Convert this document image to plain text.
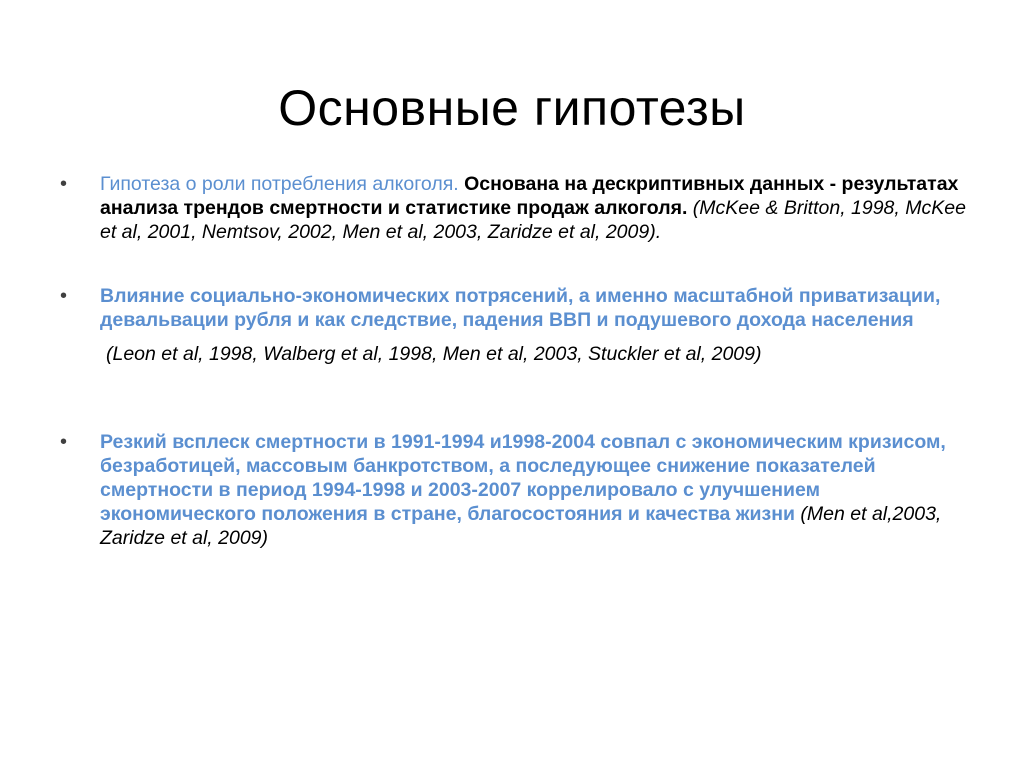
Основные гипотезы
•	Гипотеза о роли потребления алкоголя. Основана на дескриптивных данных - результатах анализа трендов смертности и статистике продаж алкоголя. (McKee & Britton, 1998, McKee et al, 2001, Nemtsov, 2002, Men et al, 2003, Zaridze et al, 2009).
•	Влияние социально-экономических потрясений, а именно масштабной приватизации, девальвации рубля и как следствие, падения ВВП и подушевого дохода населения
(Leon et al, 1998, Walberg et al, 1998, Men et al, 2003, Stuckler et al, 2009)
•	Резкий всплеск смертности в 1991-1994 и1998-2004 совпал с экономическим кризисом, безработицей, массовым банкротством, а последующее снижение показателей смертности в период 1994-1998 и 2003-2007 коррелировало с улучшением экономического положения в стране, благосостояния и качества жизни (Men et al,2003, Zaridze et al, 2009)
